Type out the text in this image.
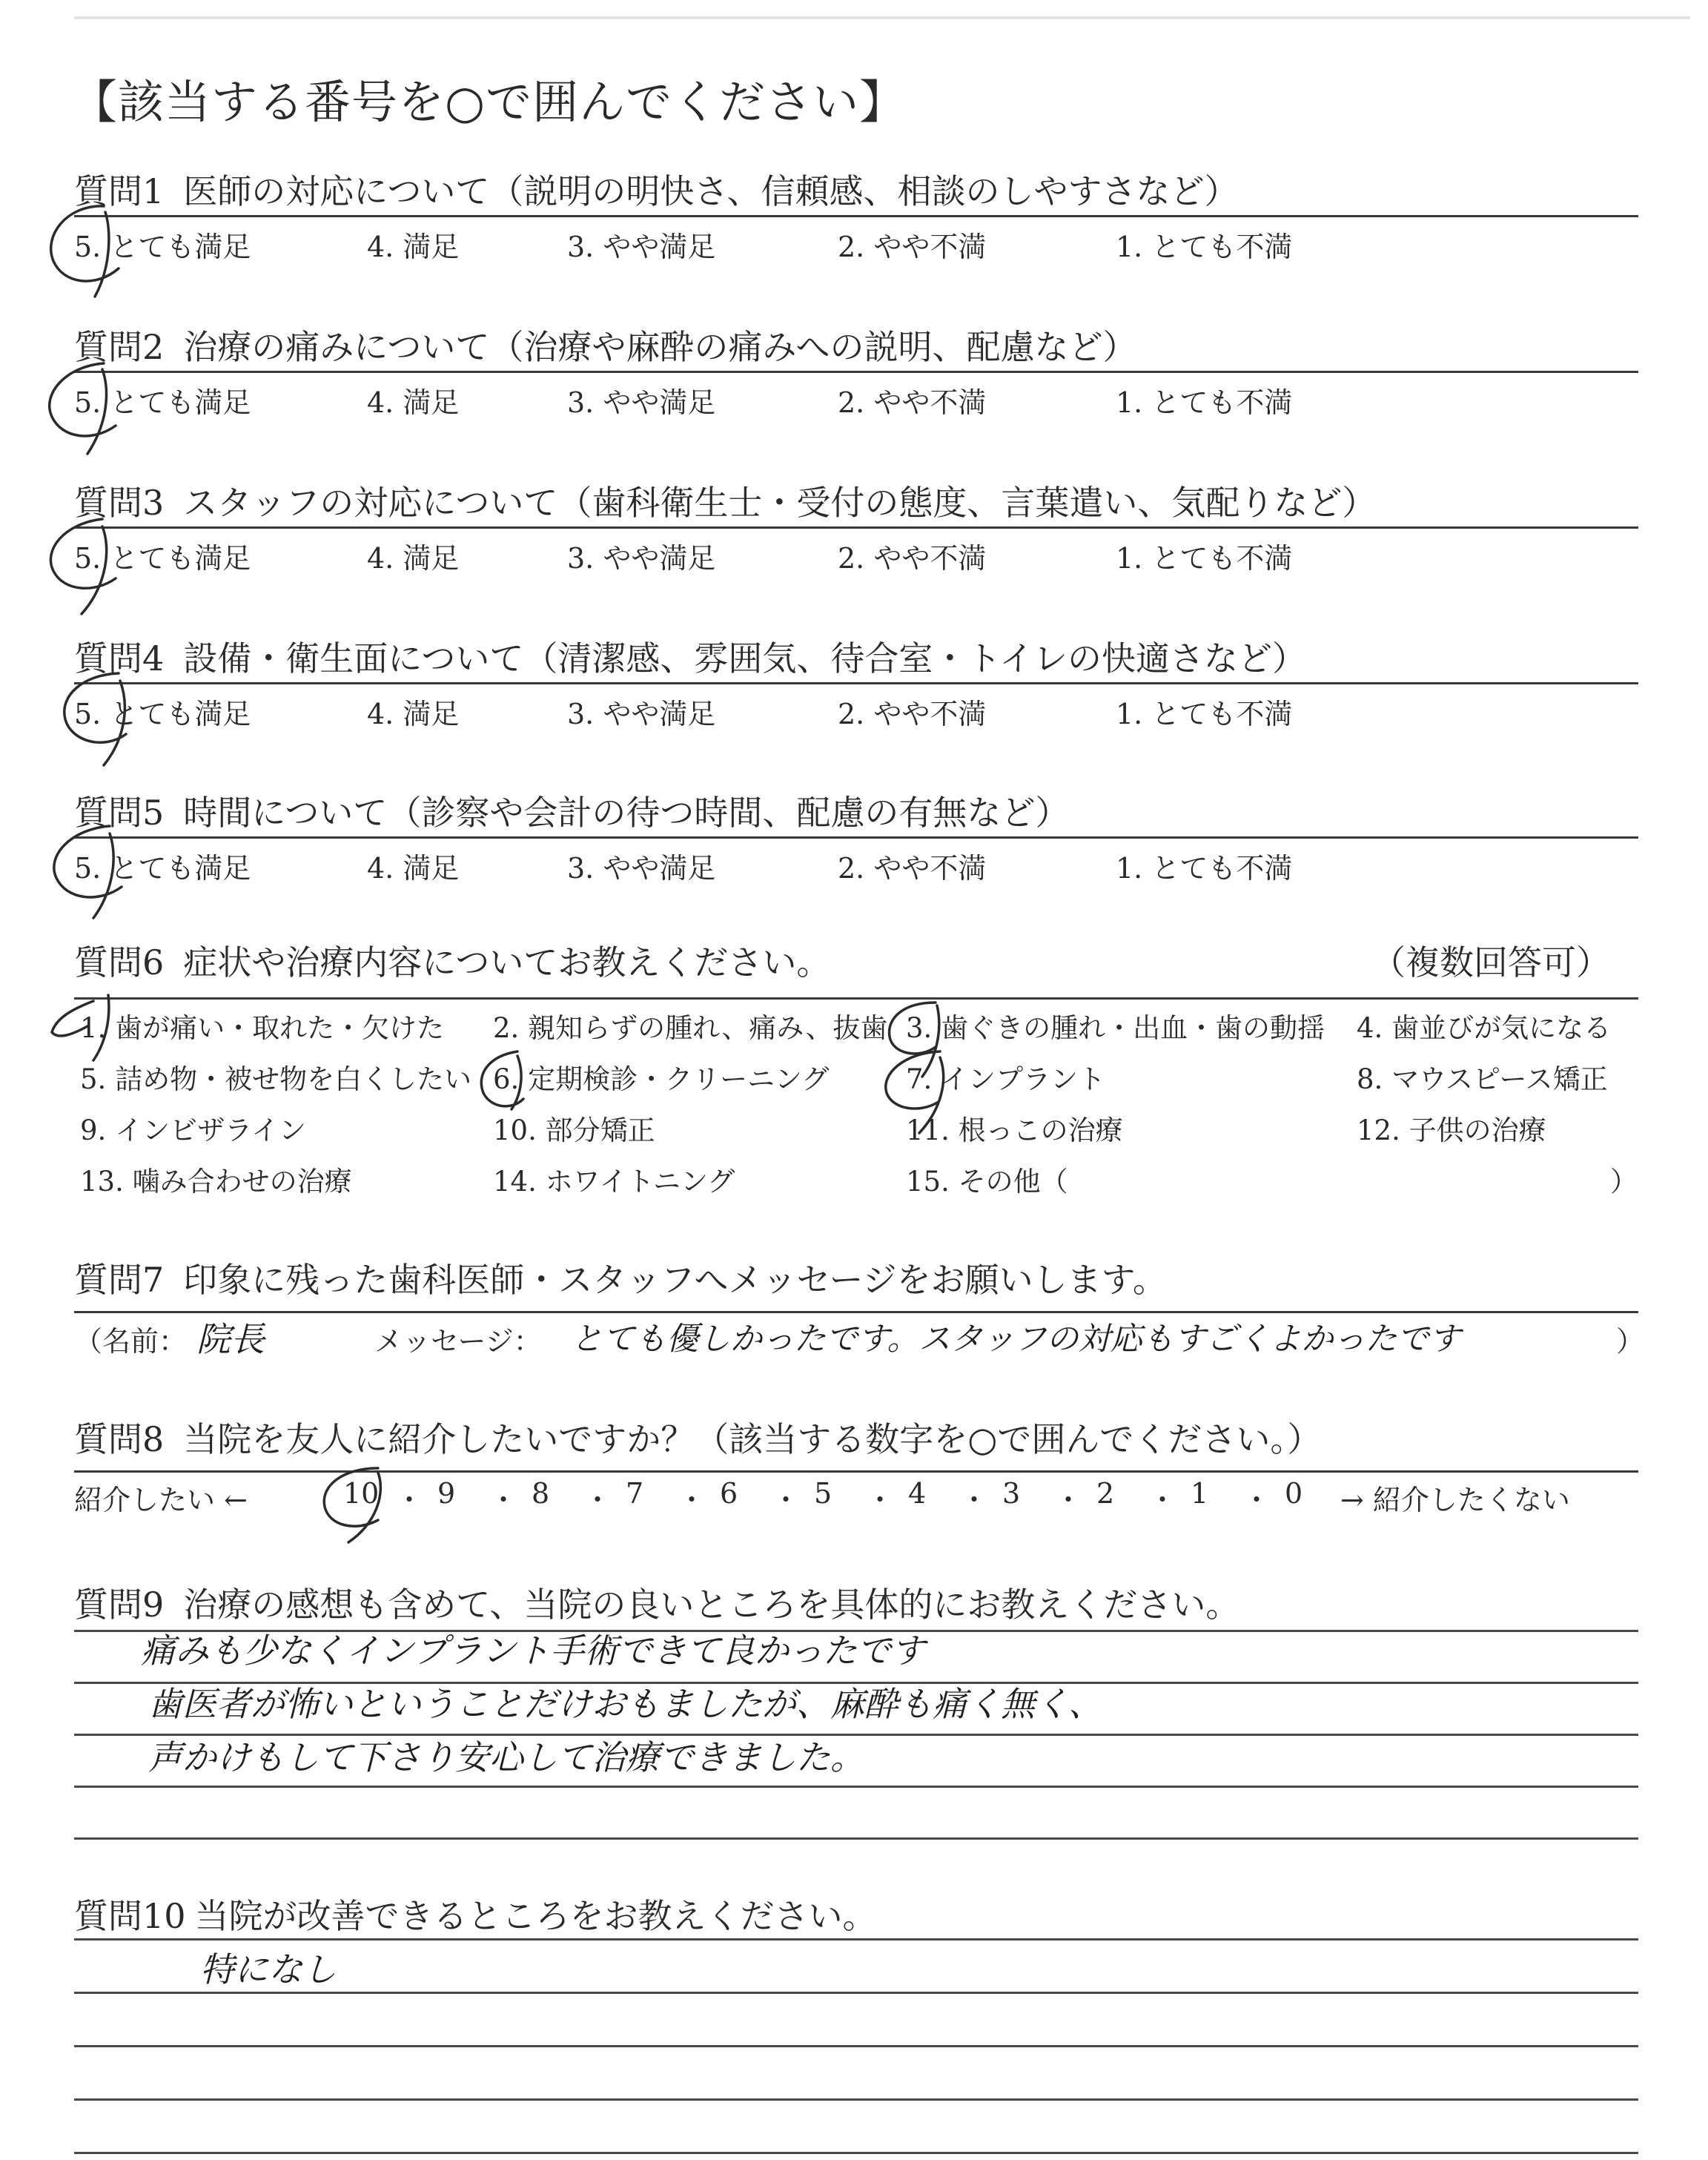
【該当する番号を○で囲んでください】
質問1 医師の対応について（説明の明快さ、信頼感、相談のしやすさなど）
5. とても満足	4. 満足	3. やや満足	2. やや不満	1. とても不満
質問2 治療の痛みについて（治療や麻酔の痛みへの説明、配慮など）
5. とても満足	4. 満足	3. やや満足	2. やや不満	1. とても不満
質問3 スタッフの対応について（歯科衛生士・受付の態度、言葉遣い、気配りなど）
5. とても満足	4. 満足	3. やや満足	2. やや不満	1. とても不満
質問4 設備・衛生面について（清潔感、雰囲気、待合室・トイレの快適さなど）
5. とても満足	4. 満足	3. やや満足	2. やや不満	1. とても不満
質問5 時間について（診察や会計の待つ時間、配慮の有無など）
5. とても満足	4. 満足	3. やや満足	2. やや不満	1. とても不満
質問6 症状や治療内容についてお教えください。	（複数回答可）
1. 歯が痛い・取れた・欠けた 2. 親知らずの腫れ、痛み、抜歯 3. 歯ぐきの腫れ・出血・歯の動揺 4. 歯並びが気になる
5. 詰め物・被せ物を白くしたい 6. 定期検診・クリーニング	7. インプラント	8. マウスピース矯正
9. インビザライン	10. 部分矯正	11. 根っこの治療	12. 子供の治療
13. 噛み合わせの治療	14. ホワイトニング	15. その他（	）
質問7 印象に残った歯科医師・スタッフへメッセージをお願いします。
（名前： 院長	メッセージ： とても優しかったです。スタッフの対応もすごくよかったです	）
質問8 当院を友人に紹介したいですか？（該当する数字を○で囲んでください。）
紹介したい ←	10 ・ 9 ・ 8 ・ 7 ・ 6 ・ 5 ・ 4 ・ 3 ・ 2 ・ 1 ・ 0 → 紹介したくない
質問9 治療の感想も含めて、当院の良いところを具体的にお教えください。
痛みも少なくインプラント手術できて良かったです
歯医者が怖いということだけおもましたが、麻酔も痛く無く、
声かけもして下さり安心して治療できました。
質問10 当院が改善できるところをお教えください。
特になし
